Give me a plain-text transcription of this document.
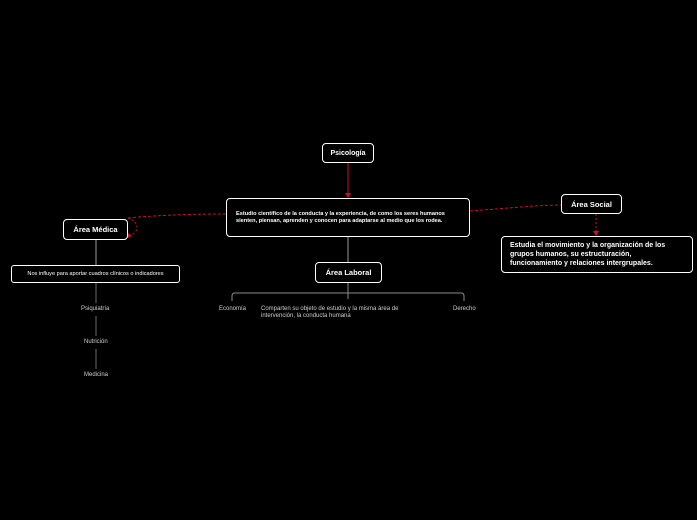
Psicología
Estudio científico de la conducta y la experiencia, de como los seres humanos sienten, piensan, aprenden y conocen para adaptarse al medio que los rodea.
Área Médica
Nos influye para aportar cuadros clínicos o indicadores
Psiquiatría
Nutrición
Medicina
Área Laboral
Economía Comparten su objeto de estudio y la misma área de intervención, la conducta humana
Derecho
Área Social
Estudia el movimiento y la organización de los grupos humanos, su estructuración, funcionamiento y relaciones intergrupales.
